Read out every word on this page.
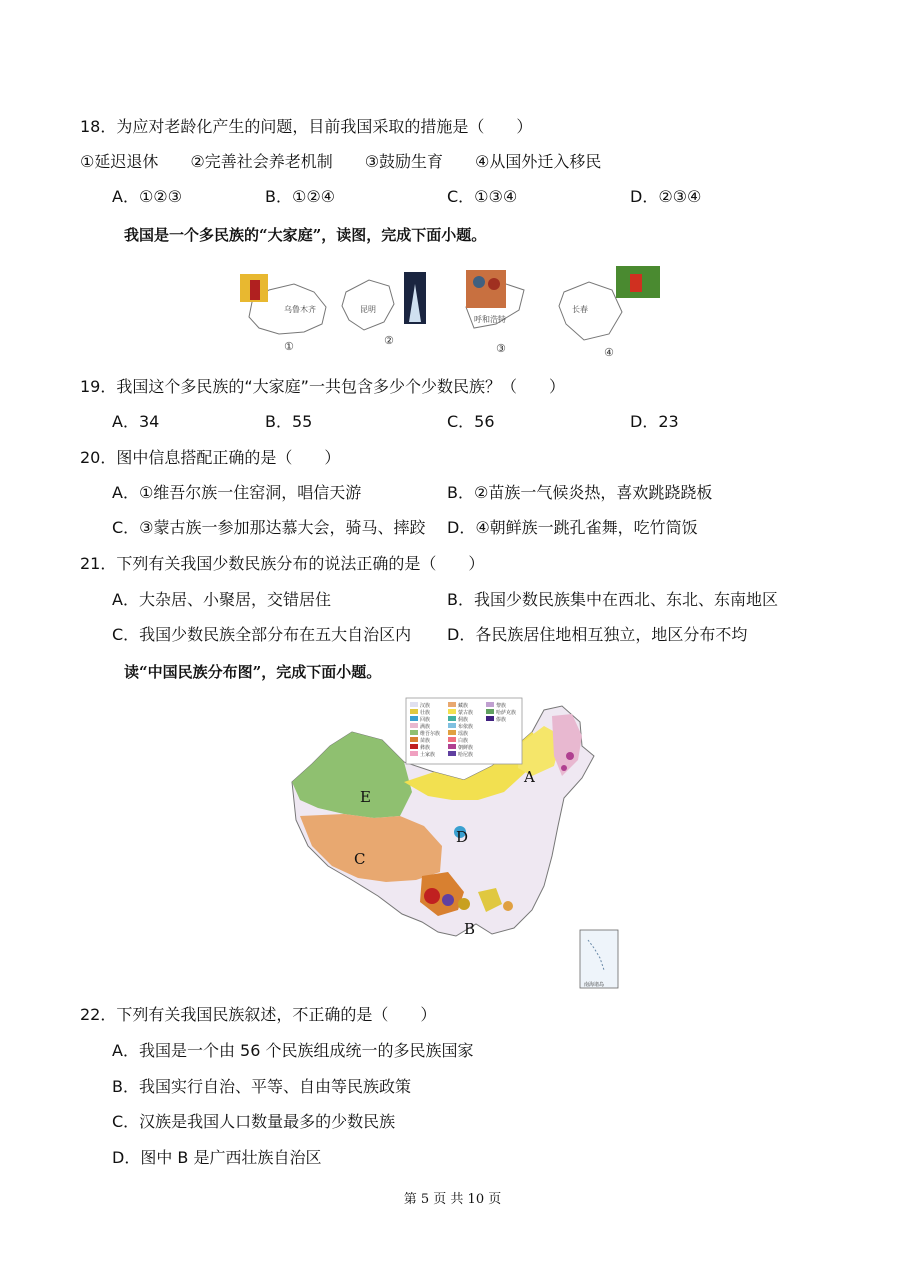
18．为应对老龄化产生的问题，目前我国采取的措施是（　　）
①延迟退休　　②完善社会养老机制　　③鼓励生育　　④从国外迁入移民
A．①②③	B．①②④	C．①③④	D．②③④
我国是一个多民族的“大家庭”，读图，完成下面小题。
乌鲁木齐	昆明
呼和浩特
长春
①	②
③	④
19．我国这个多民族的“大家庭”一共包含多少个少数民族？（　　）
A．34	B．55	C．56	D．23
20．图中信息搭配正确的是（　　）
A．①维吾尔族一住窑洞，唱信天游	B．②苗族一气候炎热，喜欢跳跷跷板
C．③蒙古族一参加那达慕大会，骑马、摔跤 D．④朝鲜族一跳孔雀舞，吃竹筒饭
21．下列有关我国少数民族分布的说法正确的是（　　）
A．大杂居、小聚居，交错居住	B．我国少数民族集中在西北、东北、东南地区
C．我国少数民族全部分布在五大自治区内 D．各民族居住地相互独立，地区分布不均
读“中国民族分布图”，完成下面小题。
汉族
壮族
回族
满族
维吾尔族
苗族
彝族
土家族
藏族
蒙古族
侗族
布依族
瑶族
白族
朝鲜族
哈尼族
黎族
哈萨克族
傣族
A
B
C
D
E
南海诸岛
22．下列有关我国民族叙述，不正确的是（　　）
A．我国是一个由 56 个民族组成统一的多民族国家
B．我国实行自治、平等、自由等民族政策
C．汉族是我国人口数量最多的少数民族
D．图中 B 是广西壮族自治区
第 5 页 共 10 页
